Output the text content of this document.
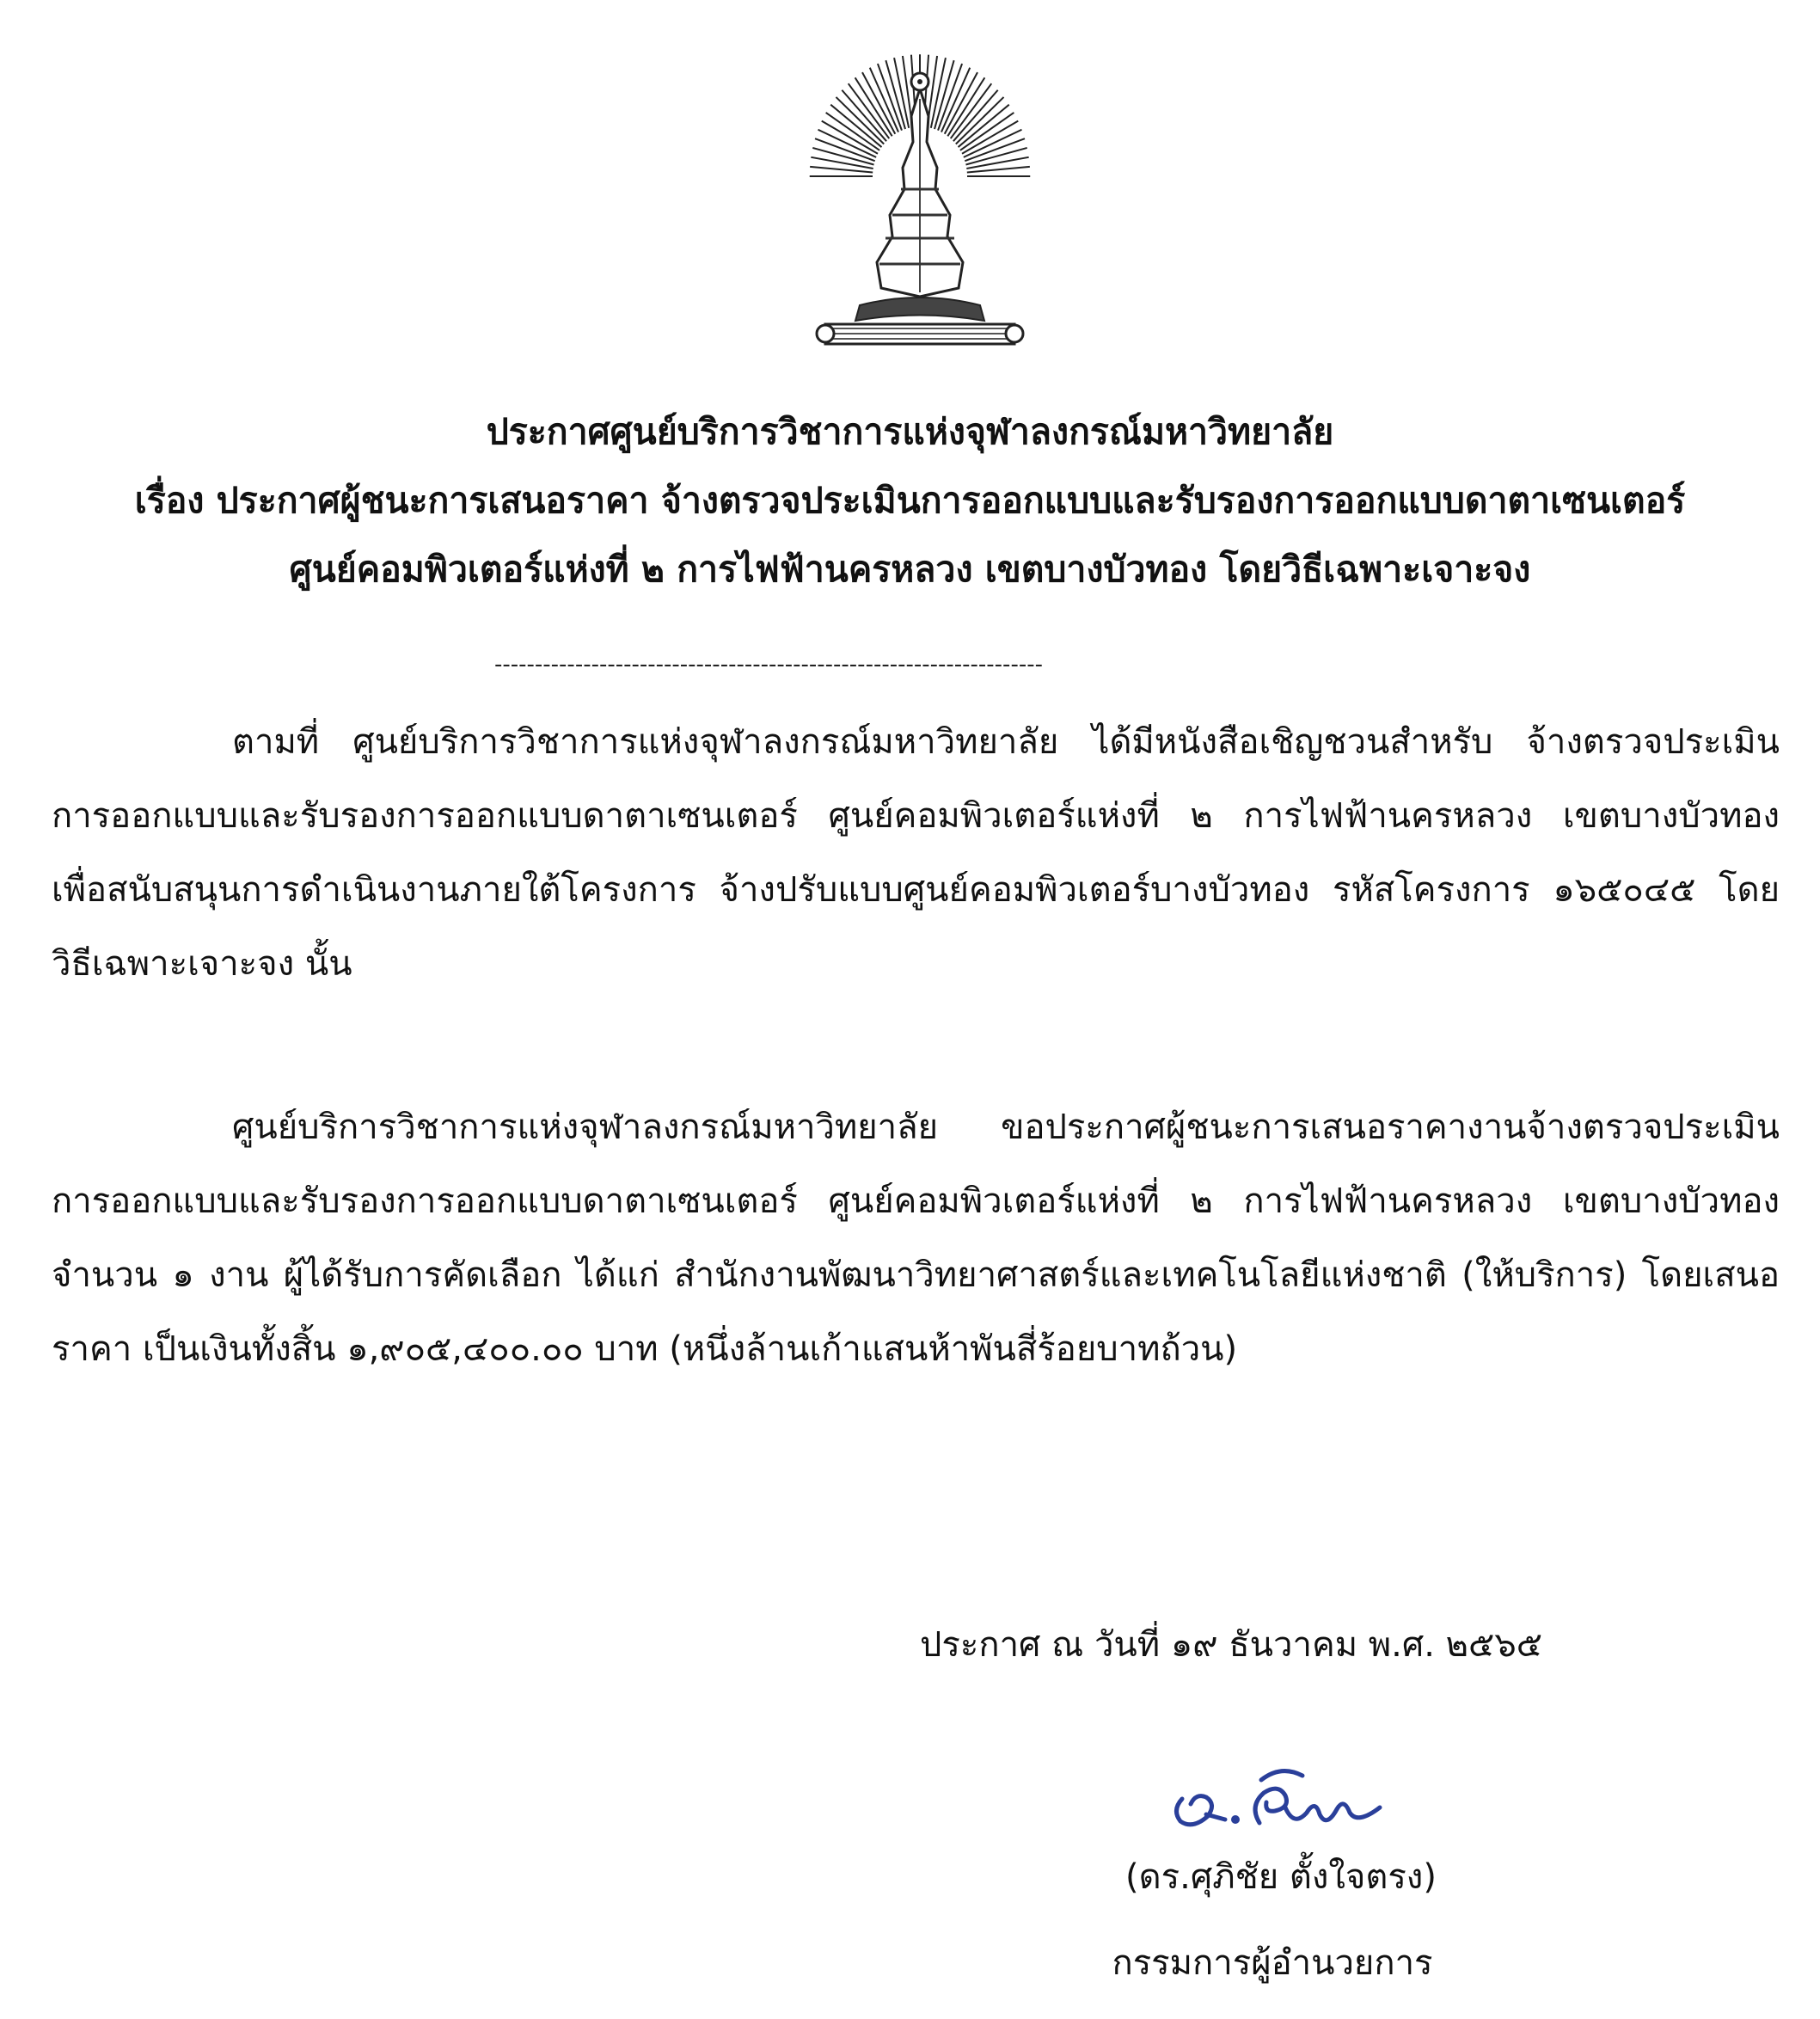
ประกาศศูนย์บริการวิชาการแห่งจุฬาลงกรณ์มหาวิทยาลัย
เรื่อง ประกาศผู้ชนะการเสนอราคา จ้างตรวจประเมินการออกแบบและรับรองการออกแบบดาตาเซนเตอร์
ศูนย์คอมพิวเตอร์แห่งที่ ๒ การไฟฟ้านครหลวง เขตบางบัวทอง โดยวิธีเฉพาะเจาะจง
--------------------------------------------------------------------
ตามที่ ศูนย์บริการวิชาการแห่งจุฬาลงกรณ์มหาวิทยาลัย ได้มีหนังสือเชิญชวนสำหรับ จ้างตรวจประเมิน
การออกแบบและรับรองการออกแบบดาตาเซนเตอร์ ศูนย์คอมพิวเตอร์แห่งที่ ๒ การไฟฟ้านครหลวง เขตบางบัวทอง
เพื่อสนับสนุนการดำเนินงานภายใต้โครงการ จ้างปรับแบบศูนย์คอมพิวเตอร์บางบัวทอง รหัสโครงการ ๑๖๕๐๔๕ โดย
วิธีเฉพาะเจาะจง นั้น
ศูนย์บริการวิชาการแห่งจุฬาลงกรณ์มหาวิทยาลัย ขอประกาศผู้ชนะการเสนอราคางานจ้างตรวจประเมิน
การออกแบบและรับรองการออกแบบดาตาเซนเตอร์ ศูนย์คอมพิวเตอร์แห่งที่ ๒ การไฟฟ้านครหลวง เขตบางบัวทอง
จำนวน ๑ งาน ผู้ได้รับการคัดเลือก ได้แก่ สำนักงานพัฒนาวิทยาศาสตร์และเทคโนโลยีแห่งชาติ (ให้บริการ) โดยเสนอ
ราคา เป็นเงินทั้งสิ้น ๑,๙๐๕,๔๐๐.๐๐ บาท (หนึ่งล้านเก้าแสนห้าพันสี่ร้อยบาทถ้วน)
ประกาศ ณ วันที่ ๑๙ ธันวาคม พ.ศ. ๒๕๖๕
(ดร.ศุภิชัย ตั้งใจตรง)
กรรมการผู้อำนวยการ
